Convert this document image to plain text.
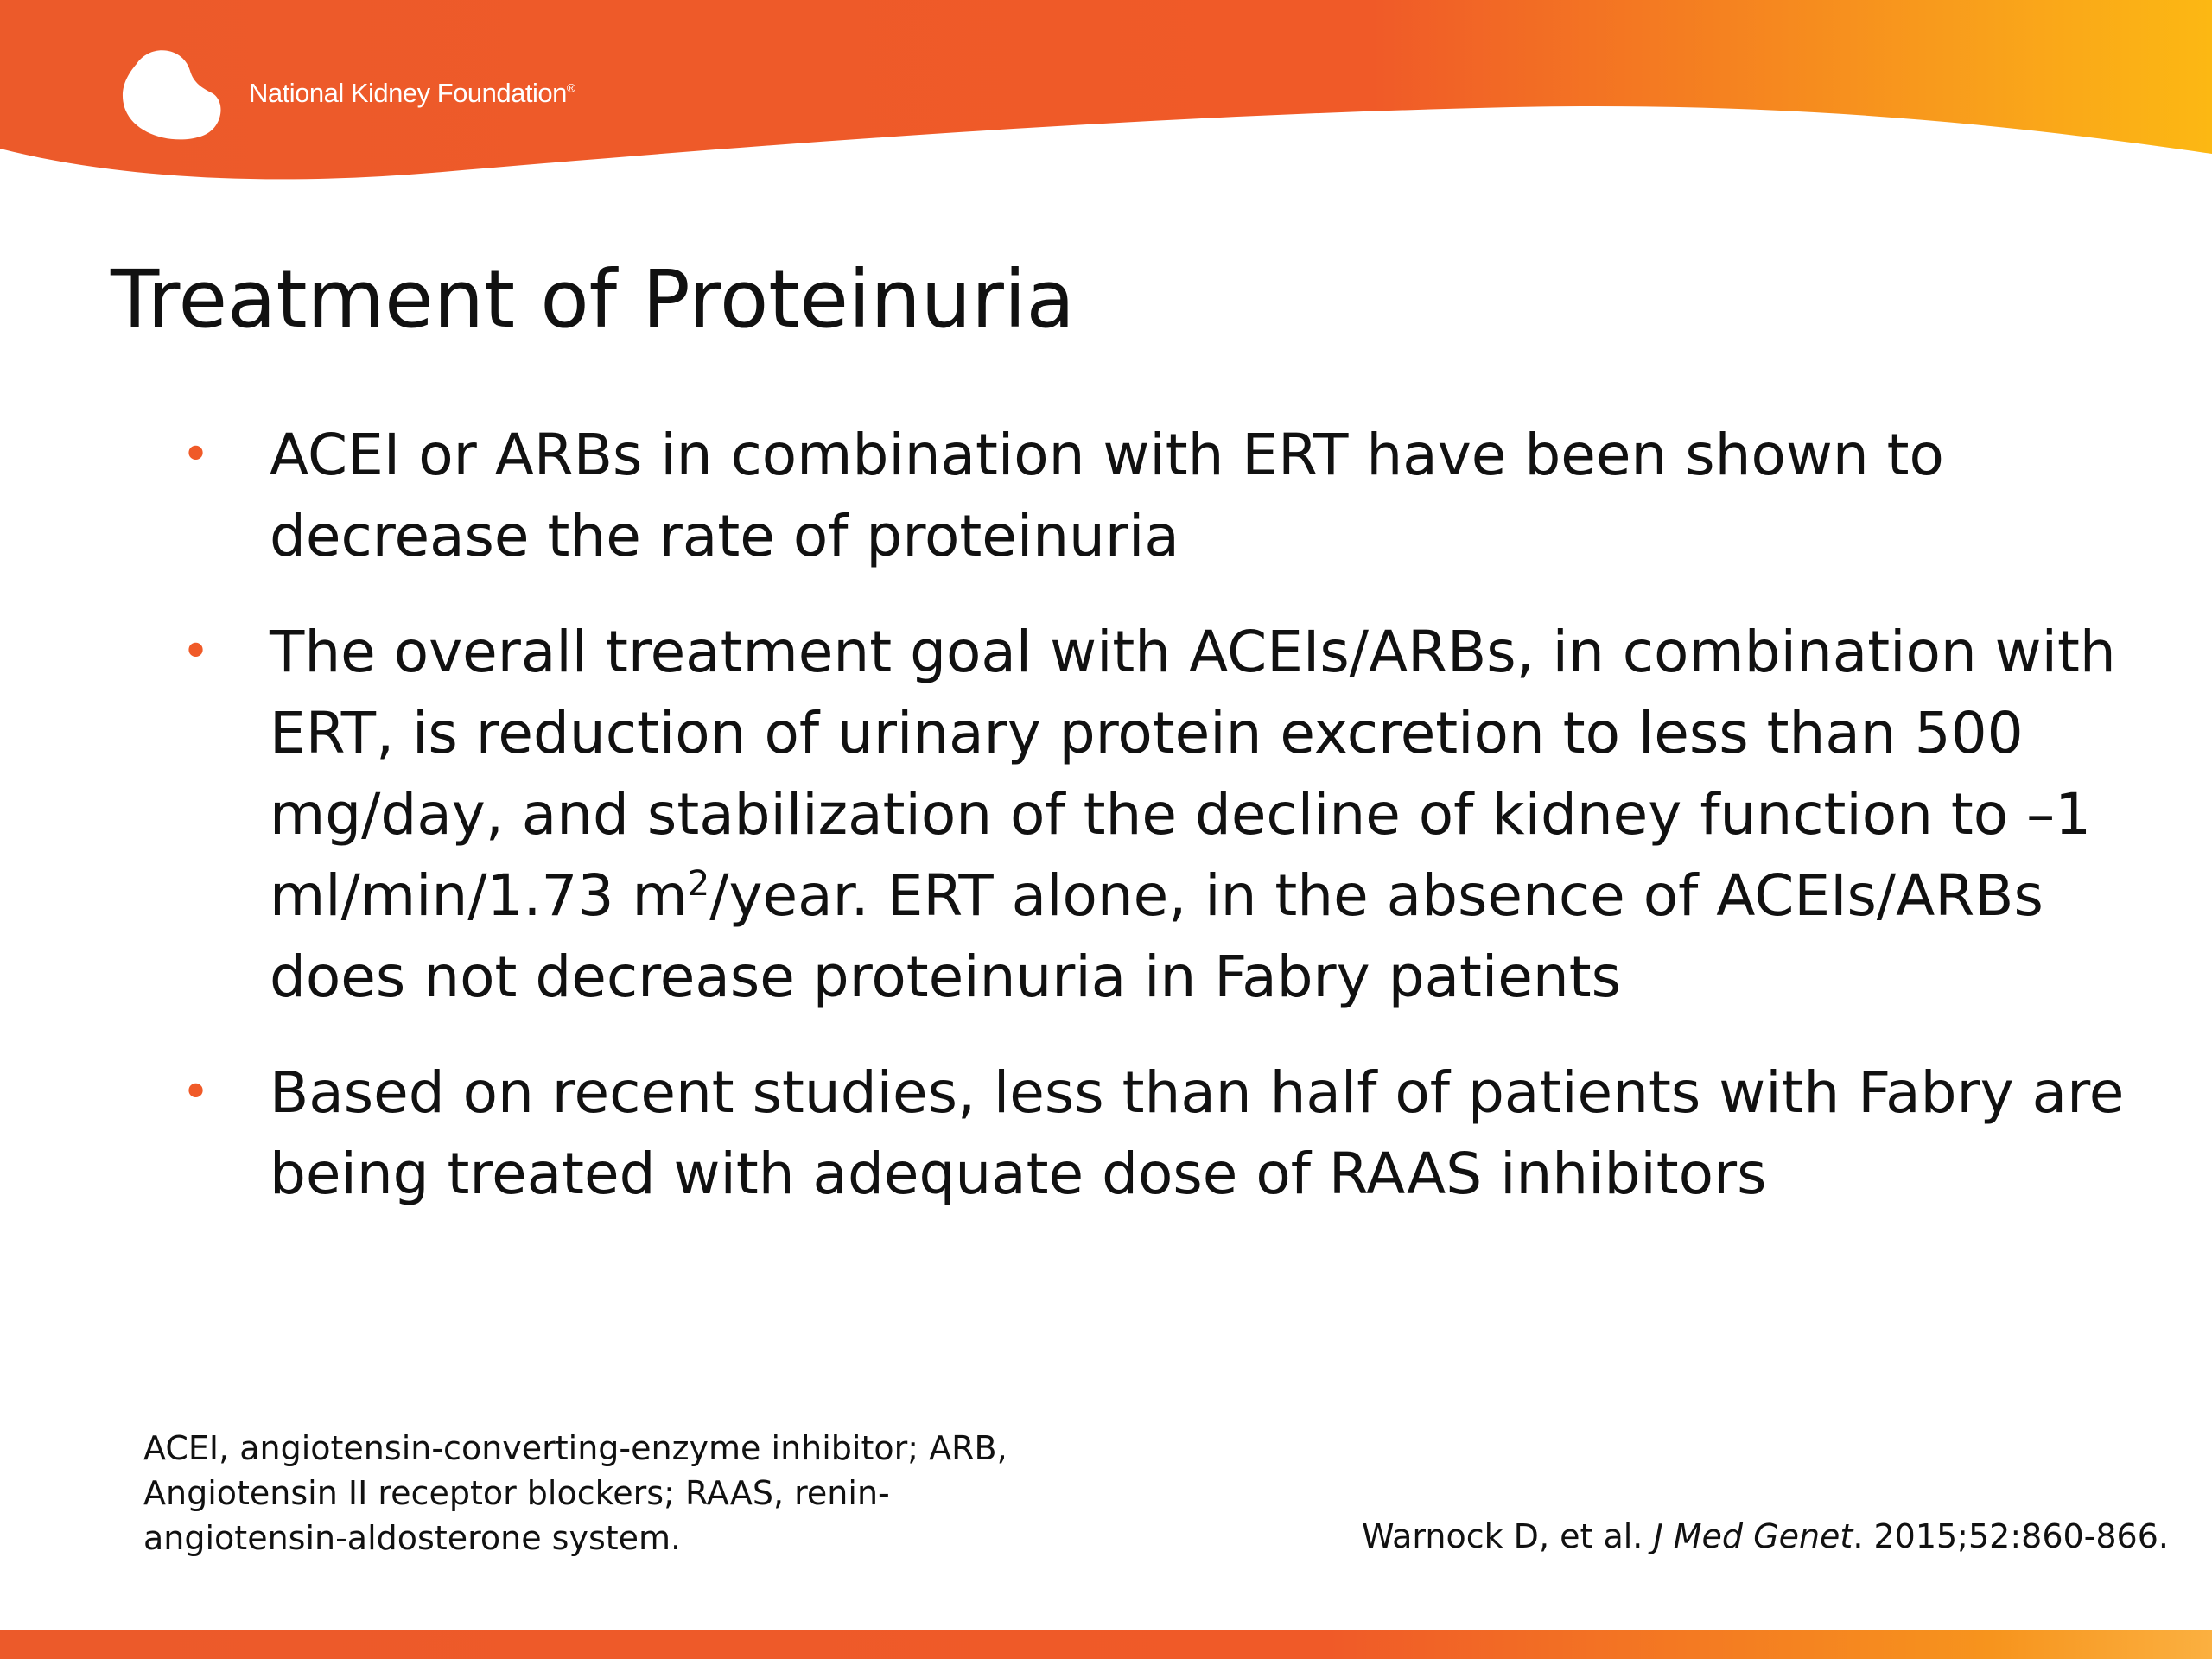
National Kidney Foundation®
Treatment of Proteinuria
• ACEI or ARBs in combination with ERT have been shown to decrease the rate of proteinuria
• The overall treatment goal with ACEIs/ARBs, in combination with ERT, is reduction of urinary protein excretion to less than 500 mg/day, and stabilization of the decline of kidney function to –1 ml/min/1.73 $m^2$/year. ERT alone, in the absence of ACEIs/ARBs does not decrease proteinuria in Fabry patients
• Based on recent studies, less than half of patients with Fabry are being treated with adequate dose of RAAS inhibitors
ACEI, angiotensin-converting-enzyme inhibitor; ARB, Angiotensin II receptor blockers; RAAS, renin-angiotensin-aldosterone system.	Warnock D, et al. J Med Genet. 2015;52:860-866.
